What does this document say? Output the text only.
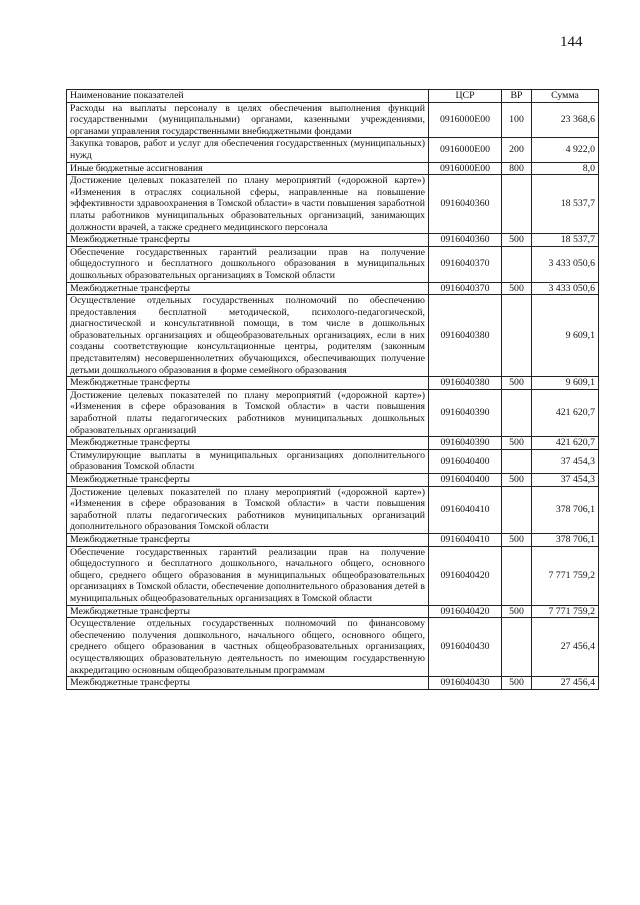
144
Наименование показателей	ЦСР	ВР	Сумма
Расходы на выплаты персоналу в целях обеспечения выполнения функций государственными (муниципальными) органами, казенными учреждениями, органами управления государственными внебюджетными фондами	0916000Е00	100	23 368,6
Закупка товаров, работ и услуг для обеспечения государственных (муниципальных) нужд	0916000Е00	200	4 922,0
Иные бюджетные ассигнования	0916000Е00	800	8,0
Достижение целевых показателей по плану мероприятий («дорожной карте») «Изменения в отраслях социальной сферы, направленные на повышение эффективности здравоохранения в Томской области» в части повышения заработной платы работников муниципальных образовательных организаций, занимающих должности врачей, а также среднего медицинского персонала	0916040360		18 537,7
Межбюджетные трансферты	0916040360	500	18 537,7
Обеспечение государственных гарантий реализации прав на получение общедоступного и бесплатного дошкольного образования в муниципальных дошкольных образовательных организациях в Томской области	0916040370		3 433 050,6
Межбюджетные трансферты	0916040370	500	3 433 050,6
Осуществление отдельных государственных полномочий по обеспечению предоставления бесплатной методической, психолого-педагогической, диагностической и консультативной помощи, в том числе в дошкольных образовательных организациях и общеобразовательных организациях, если в них созданы соответствующие консультационные центры, родителям (законным представителям) несовершеннолетних обучающихся, обеспечивающих получение детьми дошкольного образования в форме семейного образования	0916040380		9 609,1
Межбюджетные трансферты	0916040380	500	9 609,1
Достижение целевых показателей по плану мероприятий («дорожной карте») «Изменения в сфере образования в Томской области» в части повышения заработной платы педагогических работников муниципальных дошкольных образовательных организаций	0916040390		421 620,7
Межбюджетные трансферты	0916040390	500	421 620,7
Стимулирующие выплаты в муниципальных организациях дополнительного образования Томской области	0916040400		37 454,3
Межбюджетные трансферты	0916040400	500	37 454,3
Достижение целевых показателей по плану мероприятий («дорожной карте») «Изменения в сфере образования в Томской области» в части повышения заработной платы педагогических работников муниципальных организаций дополнительного образования Томской области	0916040410		378 706,1
Межбюджетные трансферты	0916040410	500	378 706,1
Обеспечение государственных гарантий реализации прав на получение общедоступного и бесплатного дошкольного, начального общего, основного общего, среднего общего образования в муниципальных общеобразовательных организациях в Томской области, обеспечение дополнительного образования детей в муниципальных общеобразовательных организациях в Томской области	0916040420		7 771 759,2
Межбюджетные трансферты	0916040420	500	7 771 759,2
Осуществление отдельных государственных полномочий по финансовому обеспечению получения дошкольного, начального общего, основного общего, среднего общего образования в частных общеобразовательных организациях, осуществляющих образовательную деятельность по имеющим государственную аккредитацию основным общеобразовательным программам	0916040430		27 456,4
Межбюджетные трансферты	0916040430	500	27 456,4
